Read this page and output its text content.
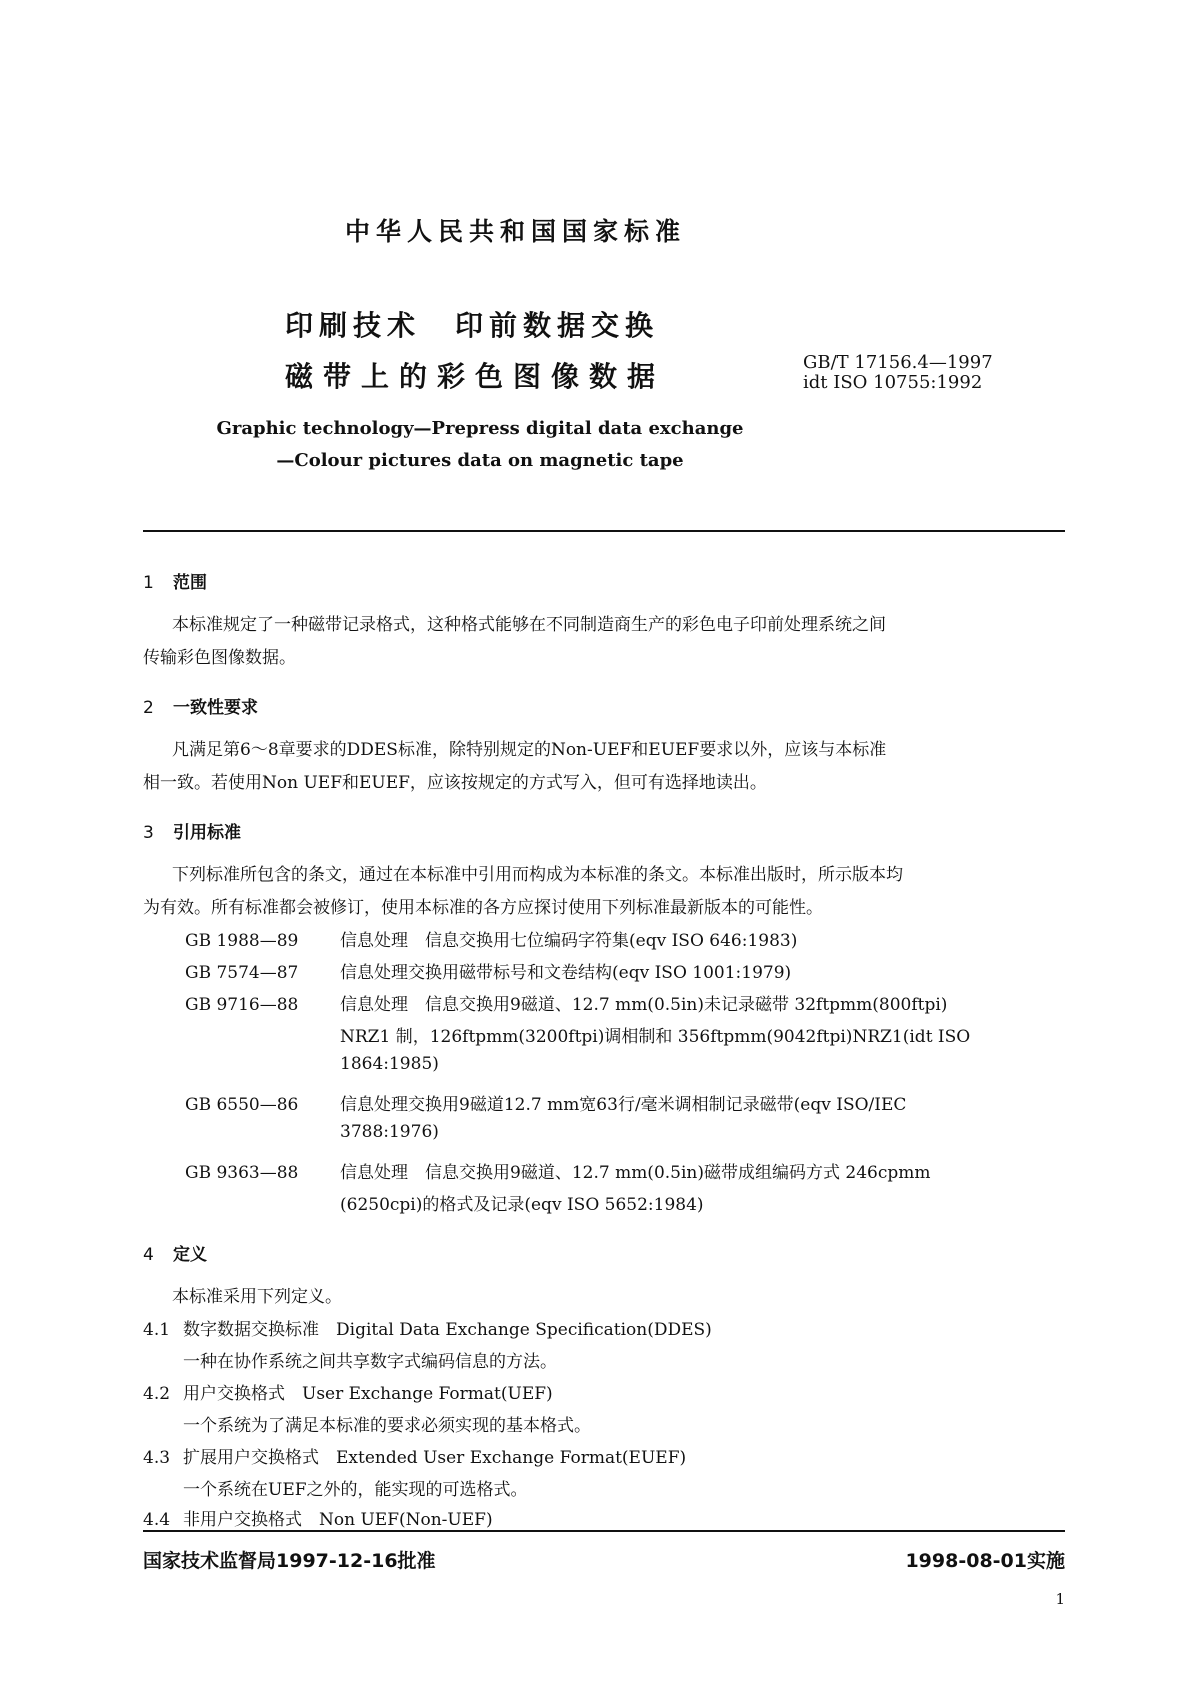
中华人民共和国国家标准
印刷技术　印前数据交换
磁带上的彩色图像数据	GB/T 17156.4—1997
idt ISO 10755:1992
Graphic technology—Prepress digital data exchange
—Colour pictures data on magnetic tape
1 范围
本标准规定了一种磁带记录格式，这种格式能够在不同制造商生产的彩色电子印前处理系统之间
传输彩色图像数据。
2 一致性要求
凡满足第6～8章要求的DDES标准，除特别规定的Non-UEF和EUEF要求以外，应该与本标准
相一致。若使用Non UEF和EUEF，应该按规定的方式写入，但可有选择地读出。
3 引用标准
下列标准所包含的条文，通过在本标准中引用而构成为本标准的条文。本标准出版时，所示版本均
为有效。所有标准都会被修订，使用本标准的各方应探讨使用下列标准最新版本的可能性。
GB 1988—89 信息处理　信息交换用七位编码字符集(eqv ISO 646:1983)
GB 7574—87 信息处理交换用磁带标号和文卷结构(eqv ISO 1001:1979)
GB 9716—88 信息处理　信息交换用9磁道、12.7 mm(0.5in)未记录磁带 32ftpmm(800ftpi)
NRZ1 制，126ftpmm(3200ftpi)调相制和 356ftpmm(9042ftpi)NRZ1(idt ISO
1864:1985)
GB 6550—86 信息处理交换用9磁道12.7 mm宽63行/毫米调相制记录磁带(eqv ISO/IEC
3788:1976)
GB 9363—88 信息处理　信息交换用9磁道、12.7 mm(0.5in)磁带成组编码方式 246cpmm
(6250cpi)的格式及记录(eqv ISO 5652:1984)
4 定义
本标准采用下列定义。
4.1 数字数据交换标准　Digital Data Exchange Specification(DDES)
一种在协作系统之间共享数字式编码信息的方法。
4.2 用户交换格式　User Exchange Format(UEF)
一个系统为了满足本标准的要求必须实现的基本格式。
4.3 扩展用户交换格式　Extended User Exchange Format(EUEF)
一个系统在UEF之外的，能实现的可选格式。
4.4 非用户交换格式　Non UEF(Non-UEF)
国家技术监督局1997-12-16批准	1998-08-01实施
1
